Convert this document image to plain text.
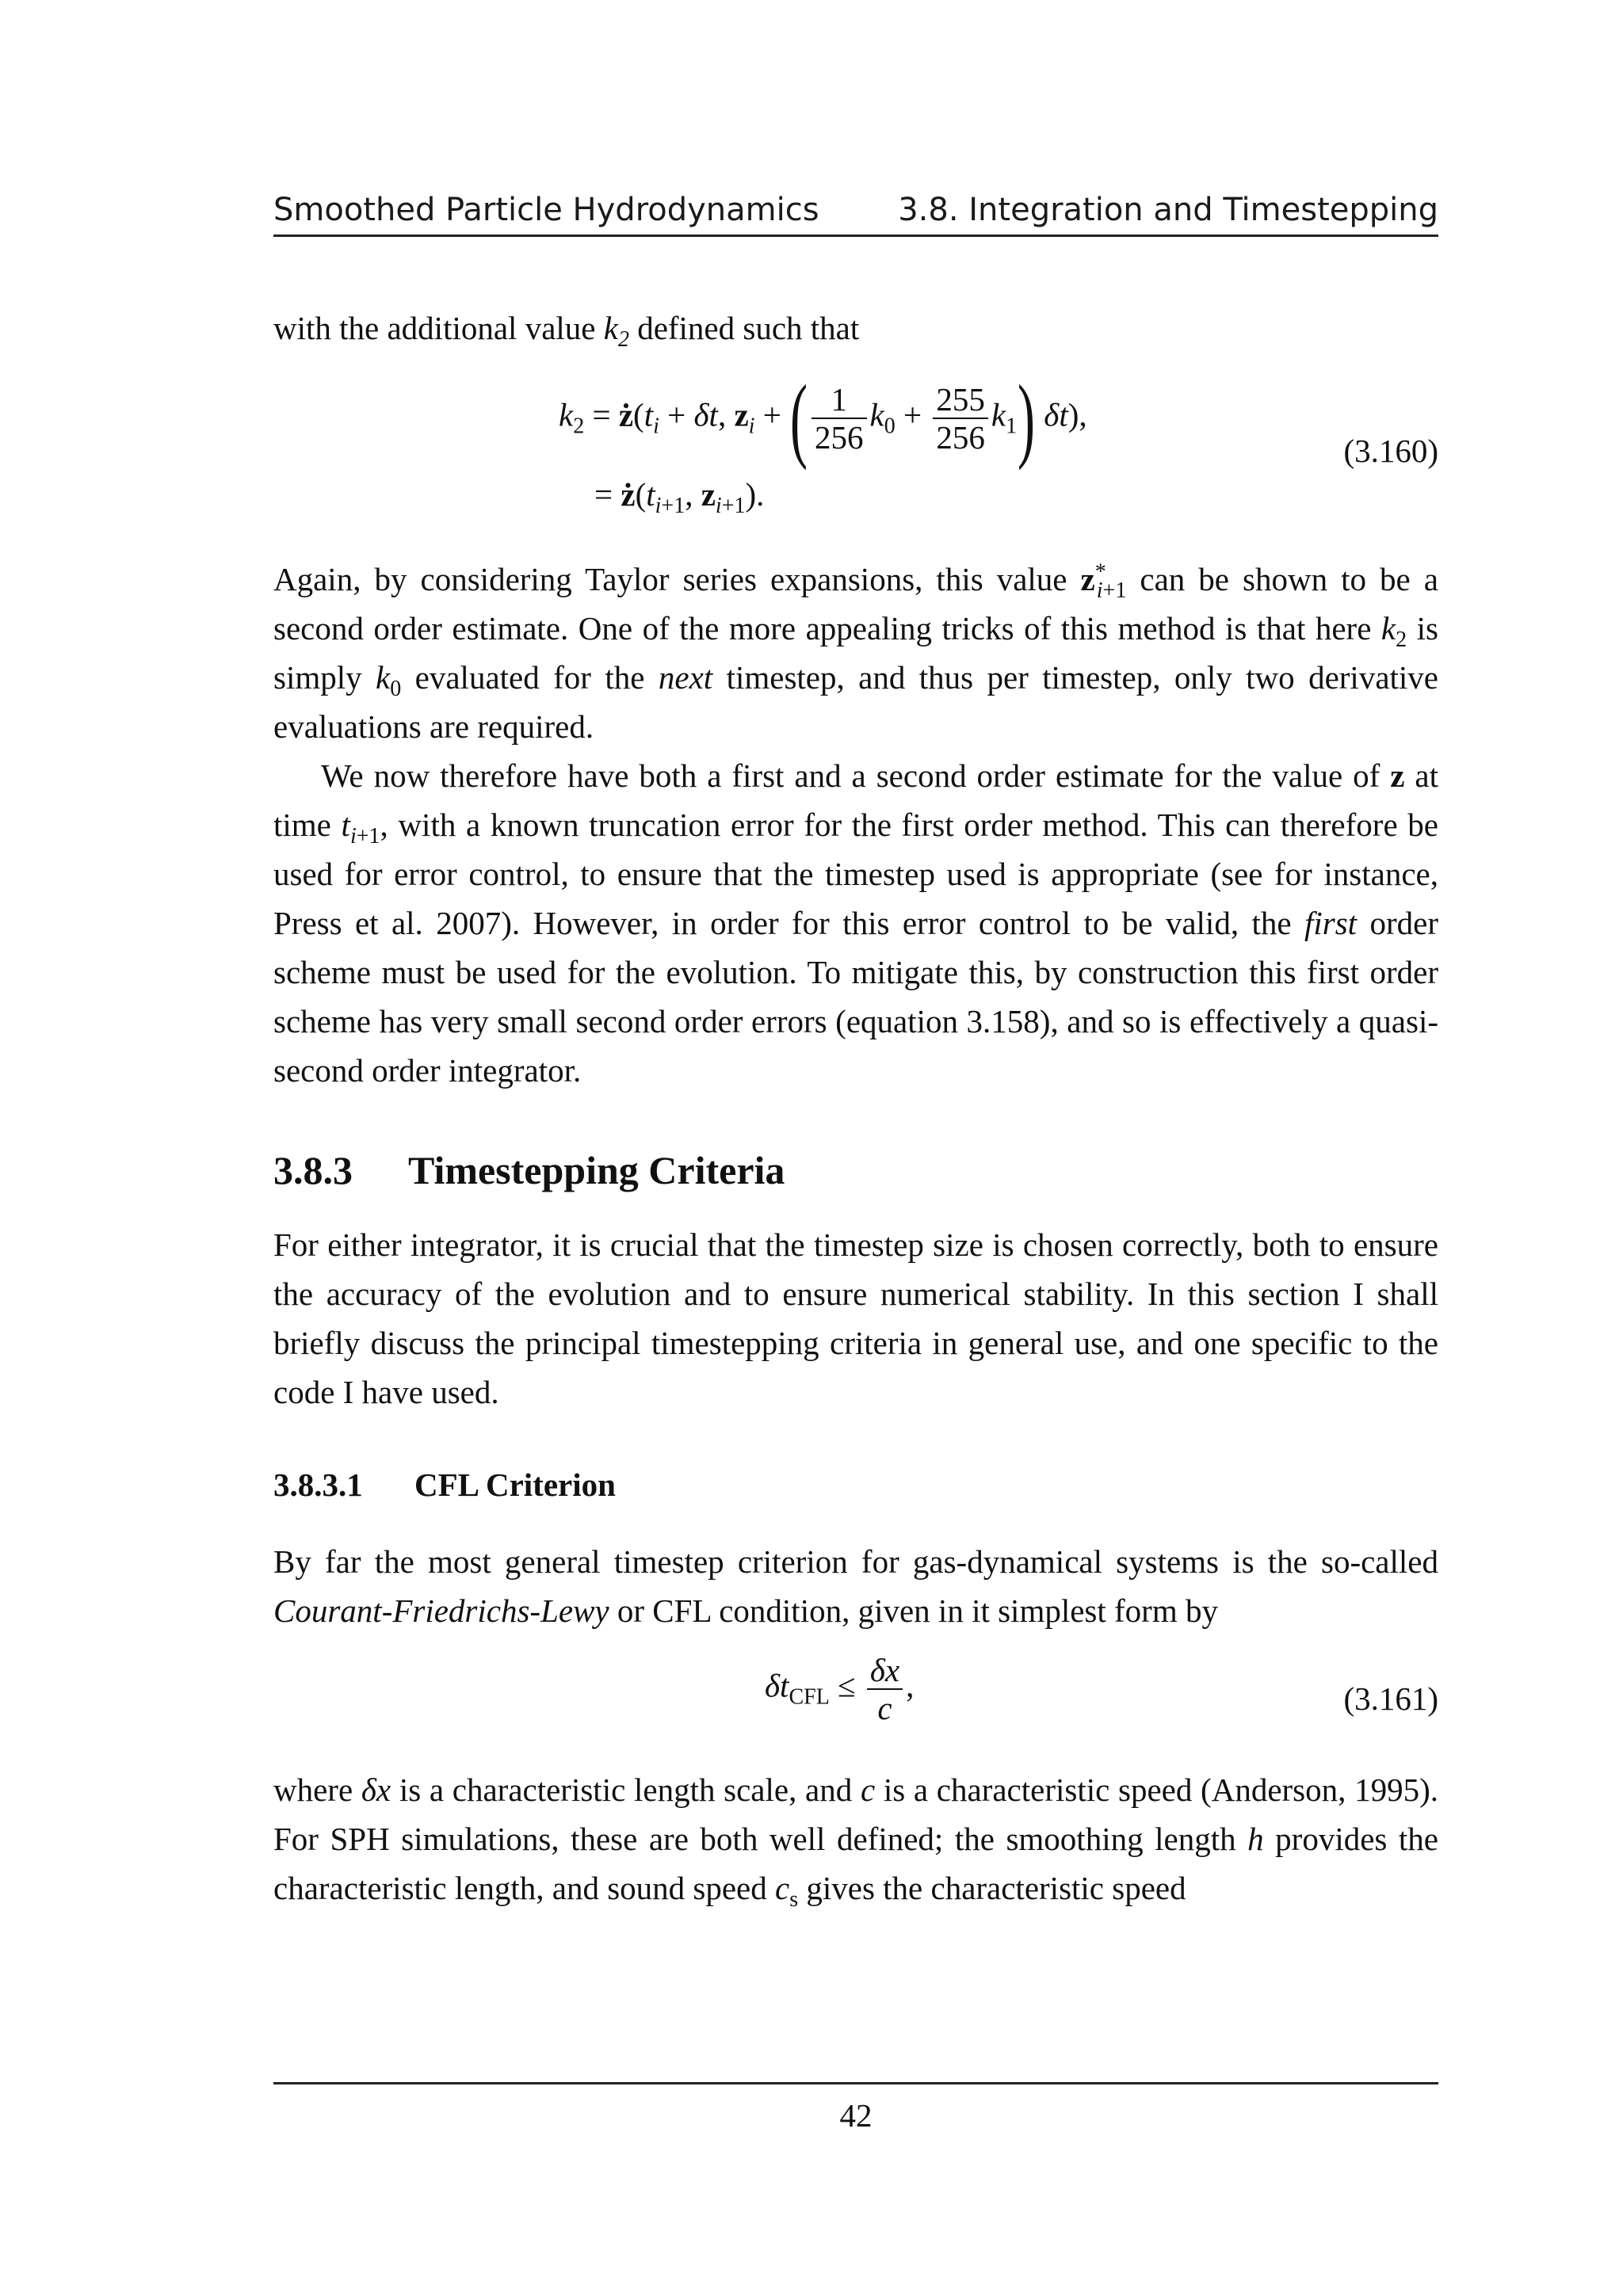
Smoothed Particle Hydrodynamics 3.8. Integration and Timestepping
with the additional value $k_2$ defined such that
$k_2$ = $ż(t_i + \delta t$, $z_i$ + ( $\frac{1}{256} k_0 + \frac{255}{256} k_1$) δt),
= $ż(t_{i+1}$, $z_{i+1}$).
(3.160)

Again, by considering Taylor series expansions, this value $z^*_{i+1}$ can be shown to be a second order estimate. One of the more appealing tricks of this method is that here $k_2$ is simply $k_0$ evaluated for the next timestep, and thus per timestep, only two derivative evaluations are required.

We now therefore have both a first and a second order estimate for the value of z at time $t_{i+1}$, with a known truncation error for the first order method. This can therefore be used for error control, to ensure that the timestep used is appropriate (see for instance, Press et al. 2007). However, in order for this error control to be valid, the first order scheme must be used for the evolution. To mitigate this, by construction this first order scheme has very small second order errors (equation 3.158), and so is effectively a quasi-second order integrator.

3.8.3 Timestepping Criteria

For either integrator, it is crucial that the timestep size is chosen correctly, both to ensure the accuracy of the evolution and to ensure numerical stability. In this section I shall briefly discuss the principal timestepping criteria in general use, and one specific to the code I have used.

3.8.3.1 CFL Criterion

By far the most general timestep criterion for gas-dynamical systems is the so-called Courant-Friedrichs-Lewy or CFL condition, given in it simplest form by

$\delta t_{CFL} \le \frac{\delta x}{c}$ ,	(3.161)

where δx is a characteristic length scale, and c is a characteristic speed (Anderson, 1995). For SPH simulations, these are both well defined; the smoothing length h provides the characteristic length, and sound speed $c_s$ gives the characteristic speed

42
